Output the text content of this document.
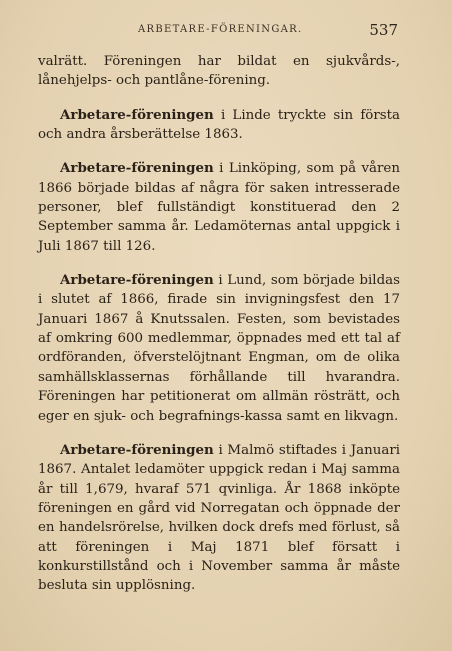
ARBETARE-FÖRENINGAR.	537

valrätt. Föreningen har bildat en sjukvårds-, lånehjelps- och pantlåne-förening.

Arbetare-föreningen i Linde tryckte sin första och andra årsberättelse 1863.

Arbetare-föreningen i Linköping, som på våren 1866 började bildas af några för saken intresserade personer, blef fullständigt konstituerad den 2 September samma år. Ledamöternas antal uppgick i Juli 1867 till 126.

Arbetare-föreningen i Lund, som började bildas i slutet af 1866, firade sin invigningsfest den 17 Januari 1867 å Knutssalen. Festen, som bevistades af omkring 600 medlemmar, öppnades med ett tal af ordföranden, öfverstelöjtnant Engman, om de olika samhällsklassernas förhållande till hvarandra. Föreningen har petitionerat om allmän rösträtt, och eger en sjuk- och begrafnings-kassa samt en likvagn.

Arbetare-föreningen i Malmö stiftades i Januari 1867. Antalet ledamöter uppgick redan i Maj samma år till 1,679, hvaraf 571 qvinliga. År 1868 inköpte föreningen en gård vid Norregatan och öppnade der en handelsrörelse, hvilken dock drefs med förlust, så att föreningen i Maj 1871 blef försatt i konkurstillstånd och i November samma år måste besluta sin upplösning.
